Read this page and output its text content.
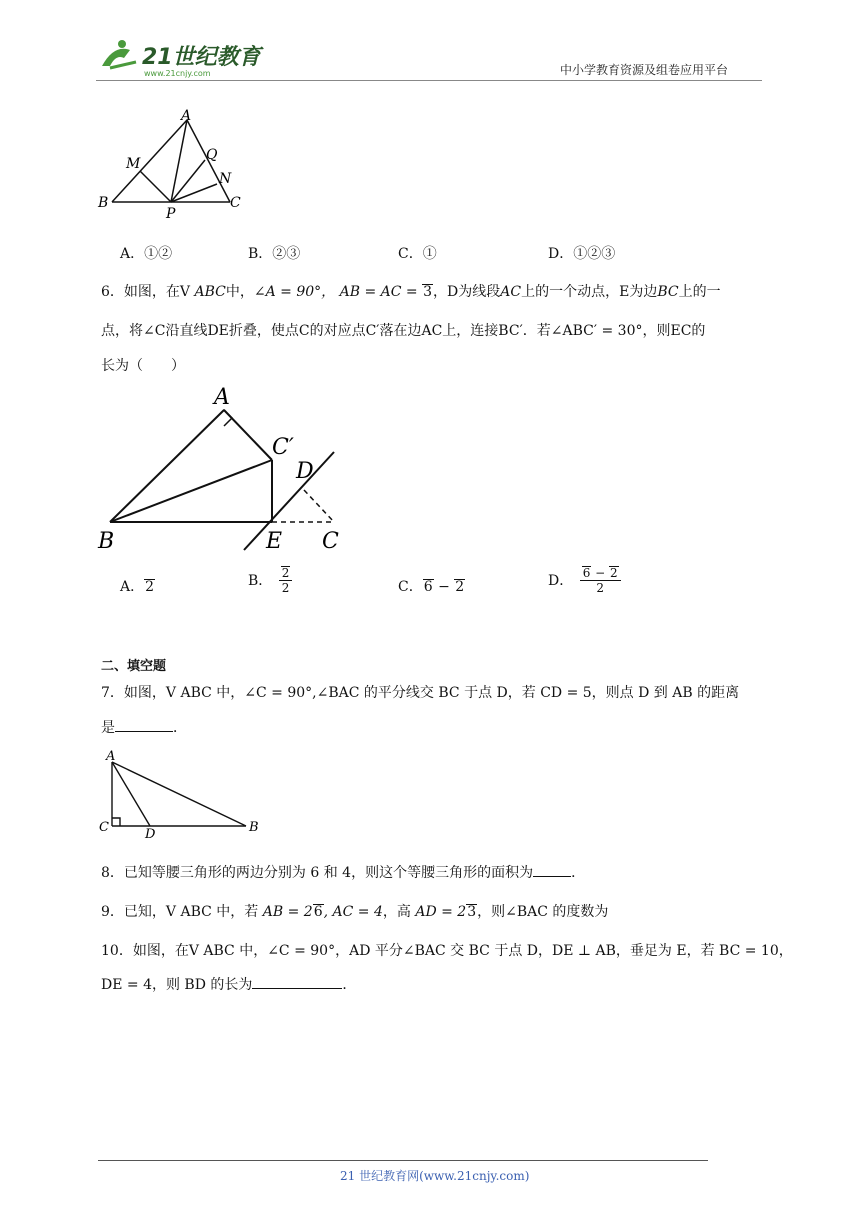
21世纪教育
www.21cnjy.com	中小学教育资源及组卷应用平台
A
B	C
M
P
Q
N
A．①②	B．②③	C．①	D．①②③
6．如图，在V ABC中，∠A = 90°， AB = AC = 3，D为线段AC上的一个动点，E为边BC上的一
点，将∠C沿直线DE折叠，使点C的对应点C′落在边AC上，连接BC′．若∠ABC′ = 30°，则EC的
长为（　　）
A
B	C
C′
D
E
A．2	B． $\frac{2}{2}$	C．6 − 2	D． $\frac{6 - 2}{2}$
二、填空题
7．如图，V ABC 中，∠C = 90°,∠BAC 的平分线交 BC 于点 D，若 CD = 5，则点 D 到 AB 的距离
是	．
A
C	D	B
8．已知等腰三角形的两边分别为 6 和 4，则这个等腰三角形的面积为	．
9．已知，V ABC 中，若 AB = 26, AC = 4，高 AD = 23，则∠BAC 的度数为
10．如图，在V ABC 中，∠C = 90°，AD 平分∠BAC 交 BC 于点 D，DE ⊥ AB，垂足为 E，若 BC = 10，
DE = 4，则 BD 的长为	．
21 世纪教育网(www.21cnjy.com)
